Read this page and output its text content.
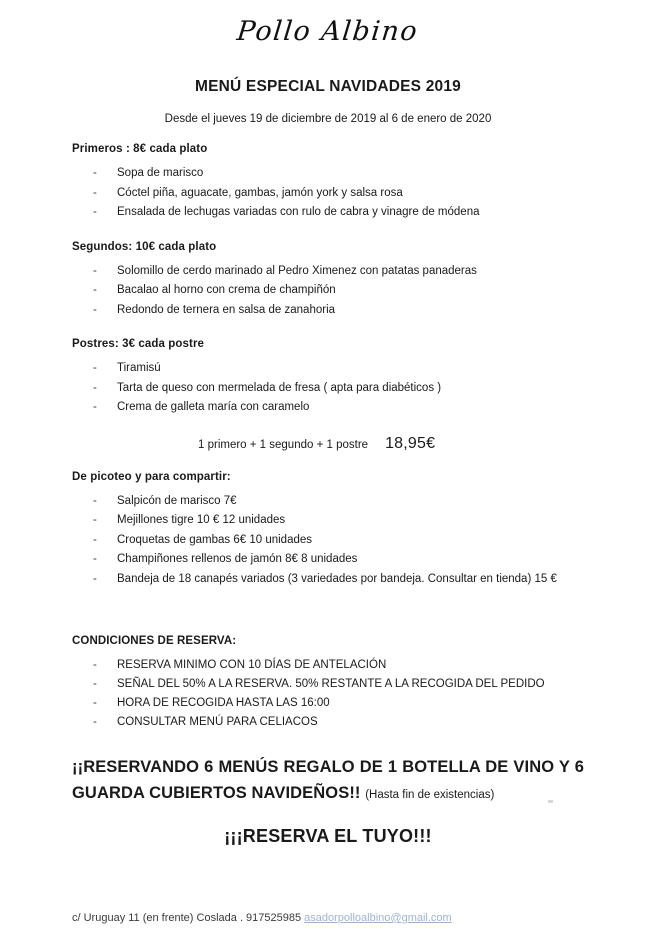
Pollo Albino
MENÚ ESPECIAL NAVIDADES 2019
Desde el jueves 19 de diciembre de 2019 al 6 de enero de 2020

Primeros : 8€ cada plato

-	Sopa de marisco
-	Cóctel piña, aguacate, gambas, jamón york y salsa rosa
-	Ensalada de lechugas variadas con rulo de cabra y vinagre de módena

Segundos: 10€ cada plato

-	Solomillo de cerdo marinado al Pedro Ximenez con patatas panaderas
-	Bacalao al horno con crema de champiñón
-	Redondo de ternera en salsa de zanahoria

Postres: 3€ cada postre

-	Tiramisú
-	Tarta de queso con mermelada de fresa ( apta para diabéticos )
-	Crema de galleta maría con caramelo
1 primero + 1 segundo + 1 postre 18,95€

De picoteo y para compartir:

-	Salpicón de marisco 7€
-	Mejillones tigre 10 € 12 unidades
-	Croquetas de gambas 6€ 10 unidades
-	Champiñones rellenos de jamón 8€ 8 unidades
-	Bandeja de 18 canapés variados (3 variedades por bandeja. Consultar en tienda) 15 €

CONDICIONES DE RESERVA:

-	RESERVA MINIMO CON 10 DÍAS DE ANTELACIÓN
-	SEÑAL DEL 50% A LA RESERVA. 50% RESTANTE A LA RECOGIDA DEL PEDIDO
-	HORA DE RECOGIDA HASTA LAS 16:00
-	CONSULTAR MENÚ PARA CELIACOS
¡¡RESERVANDO 6 MENÚS REGALO DE 1 BOTELLA DE VINO Y 6 GUARDA CUBIERTOS NAVIDEÑOS!! (Hasta fin de existencias)
¡¡¡RESERVA EL TUYO!!!
c/ Uruguay 11 (en frente) Coslada . 917525985 asadorpolloalbino@gmail.com
